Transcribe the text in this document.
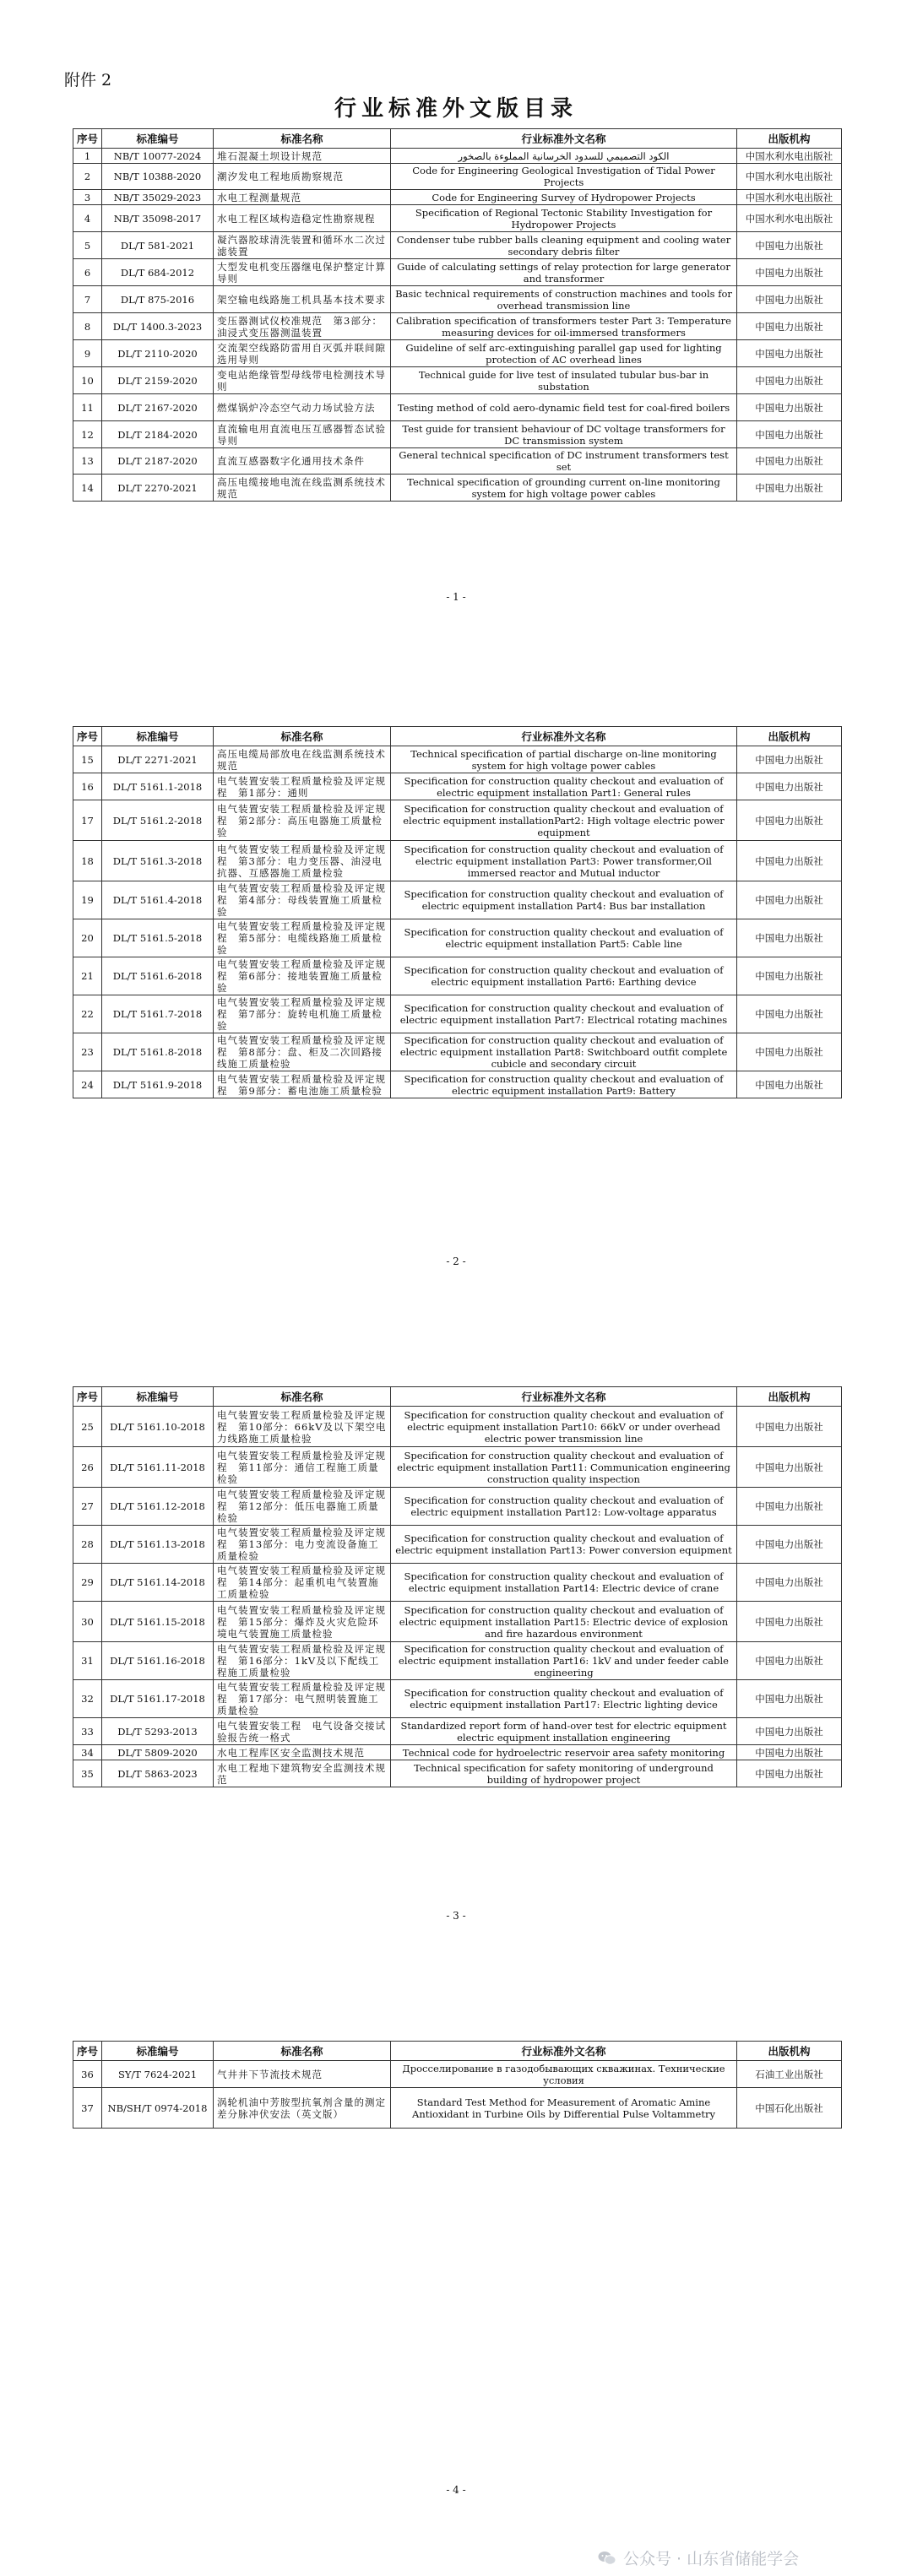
附件 2
行业标准外文版目录
序号	标准编号	标准名称	行业标准外文名称	出版机构
1	NB/T 10077-2024	堆石混凝土坝设计规范	الكود التصميمي للسدود الخرسانية المملوءة بالصخور	中国水利水电出版社
2	NB/T 10388-2020	潮汐发电工程地质勘察规范	Code for Engineering Geological Investigation of Tidal Power Projects	中国水利水电出版社
3	NB/T 35029-2023	水电工程测量规范	Code for Engineering Survey of Hydropower Projects	中国水利水电出版社
4	NB/T 35098-2017	水电工程区域构造稳定性勘察规程	Specification of Regional Tectonic Stability Investigation for Hydropower Projects	中国水利水电出版社
5	DL/T 581-2021	凝汽器胶球清洗装置和循环水二次过滤装置	Condenser tube rubber balls cleaning equipment and cooling water secondary debris filter	中国电力出版社
6	DL/T 684-2012	大型发电机变压器继电保护整定计算导则	Guide of calculating settings of relay protection for large generator and transformer	中国电力出版社
7	DL/T 875-2016	架空输电线路施工机具基本技术要求	Basic technical requirements of construction machines and tools for overhead transmission line	中国电力出版社
8	DL/T 1400.3-2023	变压器测试仪校准规范　第3部分：油浸式变压器测温装置	Calibration specification of transformers tester Part 3: Temperature measuring devices for oil-immersed transformers	中国电力出版社
9	DL/T 2110-2020	交流架空线路防雷用自灭弧并联间隙选用导则	Guideline of self arc-extinguishing parallel gap used for lighting protection of AC overhead lines	中国电力出版社
10	DL/T 2159-2020	变电站绝缘管型母线带电检测技术导则	Technical guide for live test of insulated tubular bus-bar in substation	中国电力出版社
11	DL/T 2167-2020	燃煤锅炉冷态空气动力场试验方法	Testing method of cold aero-dynamic field test for coal-fired boilers	中国电力出版社
12	DL/T 2184-2020	直流输电用直流电压互感器暂态试验导则	Test guide for transient behaviour of DC voltage transformers for DC transmission system	中国电力出版社
13	DL/T 2187-2020	直流互感器数字化通用技术条件	General technical specification of DC instrument transformers test set	中国电力出版社
14	DL/T 2270-2021	高压电缆接地电流在线监测系统技术规范	Technical specification of grounding current on-line monitoring system for high voltage power cables	中国电力出版社
- 1 -
序号	标准编号	标准名称	行业标准外文名称	出版机构
15	DL/T 2271-2021	高压电缆局部放电在线监测系统技术规范	Technical specification of partial discharge on-line monitoring system for high voltage power cables	中国电力出版社
16	DL/T 5161.1-2018	电气装置安装工程质量检验及评定规程　第1部分：通则	Specification for construction quality checkout and evaluation of electric equipment installation Part1: General rules	中国电力出版社
17	DL/T 5161.2-2018	电气装置安装工程质量检验及评定规程　第2部分：高压电器施工质量检验	Specification for construction quality checkout and evaluation of electric equipment installationPart2: High voltage electric power equipment	中国电力出版社
18	DL/T 5161.3-2018	电气装置安装工程质量检验及评定规程　第3部分：电力变压器、油浸电抗器、互感器施工质量检验	Specification for construction quality checkout and evaluation of electric equipment installation Part3: Power transformer,Oil immersed reactor and Mutual inductor	中国电力出版社
19	DL/T 5161.4-2018	电气装置安装工程质量检验及评定规程　第4部分：母线装置施工质量检验	Specification for construction quality checkout and evaluation of electric equipment installation Part4: Bus bar installation	中国电力出版社
20	DL/T 5161.5-2018	电气装置安装工程质量检验及评定规程　第5部分：电缆线路施工质量检验	Specification for construction quality checkout and evaluation of electric equipment installation Part5: Cable line	中国电力出版社
21	DL/T 5161.6-2018	电气装置安装工程质量检验及评定规程　第6部分：接地装置施工质量检验	Specification for construction quality checkout and evaluation of electric equipment installation Part6: Earthing device	中国电力出版社
22	DL/T 5161.7-2018	电气装置安装工程质量检验及评定规程　第7部分：旋转电机施工质量检验	Specification for construction quality checkout and evaluation of electric equipment installation Part7: Electrical rotating machines	中国电力出版社
23	DL/T 5161.8-2018	电气装置安装工程质量检验及评定规程　第8部分：盘、柜及二次回路接线施工质量检验	Specification for construction quality checkout and evaluation of electric equipment installation Part8: Switchboard outfit complete cubicle and secondary circuit	中国电力出版社
24	DL/T 5161.9-2018	电气装置安装工程质量检验及评定规程　第9部分：蓄电池施工质量检验	Specification for construction quality checkout and evaluation of electric equipment installation Part9: Battery	中国电力出版社
- 2 -
序号	标准编号	标准名称	行业标准外文名称	出版机构
25	DL/T 5161.10-2018	电气装置安装工程质量检验及评定规程　第10部分：66kV及以下架空电力线路施工质量检验	Specification for construction quality checkout and evaluation of electric equipment installation Part10: 66kV or under overhead electric power transmission line	中国电力出版社
26	DL/T 5161.11-2018	电气装置安装工程质量检验及评定规程　第11部分：通信工程施工质量检验	Specification for construction quality checkout and evaluation of electric equipment installation Part11: Communication engineering construction quality inspection	中国电力出版社
27	DL/T 5161.12-2018	电气装置安装工程质量检验及评定规程　第12部分：低压电器施工质量检验	Specification for construction quality checkout and evaluation of electric equipment installation Part12: Low-voltage apparatus	中国电力出版社
28	DL/T 5161.13-2018	电气装置安装工程质量检验及评定规程　第13部分：电力变流设备施工质量检验	Specification for construction quality checkout and evaluation of electric equipment installation Part13: Power conversion equipment	中国电力出版社
29	DL/T 5161.14-2018	电气装置安装工程质量检验及评定规程　第14部分：起重机电气装置施工质量检验	Specification for construction quality checkout and evaluation of electric equipment installation Part14: Electric device of crane	中国电力出版社
30	DL/T 5161.15-2018	电气装置安装工程质量检验及评定规程　第15部分：爆炸及火灾危险环境电气装置施工质量检验	Specification for construction quality checkout and evaluation of electric equipment installation Part15: Electric device of explosion and fire hazardous environment	中国电力出版社
31	DL/T 5161.16-2018	电气装置安装工程质量检验及评定规程　第16部分：1kV及以下配线工程施工质量检验	Specification for construction quality checkout and evaluation of electric equipment installation Part16: 1kV and under feeder cable engineering	中国电力出版社
32	DL/T 5161.17-2018	电气装置安装工程质量检验及评定规程　第17部分：电气照明装置施工质量检验	Specification for construction quality checkout and evaluation of electric equipment installation Part17: Electric lighting device	中国电力出版社
33	DL/T 5293-2013	电气装置安装工程　电气设备交接试验报告统一格式	Standardized report form of hand-over test for electric equipment electric equipment installation engineering	中国电力出版社
34	DL/T 5809-2020	水电工程库区安全监测技术规范	Technical code for hydroelectric reservoir area safety monitoring	中国电力出版社
35	DL/T 5863-2023	水电工程地下建筑物安全监测技术规范	Technical specification for safety monitoring of underground building of hydropower project	中国电力出版社
- 3 -
序号	标准编号	标准名称	行业标准外文名称	出版机构
36	SY/T 7624-2021	气井井下节流技术规范	Дросселирование в газодобывающих скважинах. Технические условия	石油工业出版社
37	NB/SH/T 0974-2018	涡轮机油中芳胺型抗氧剂含量的测定　差分脉冲伏安法（英文版）	Standard Test Method for Measurement of Aromatic Amine Antioxidant in Turbine Oils by Differential Pulse Voltammetry	中国石化出版社
- 4 -
公众号 · 山东省储能学会
